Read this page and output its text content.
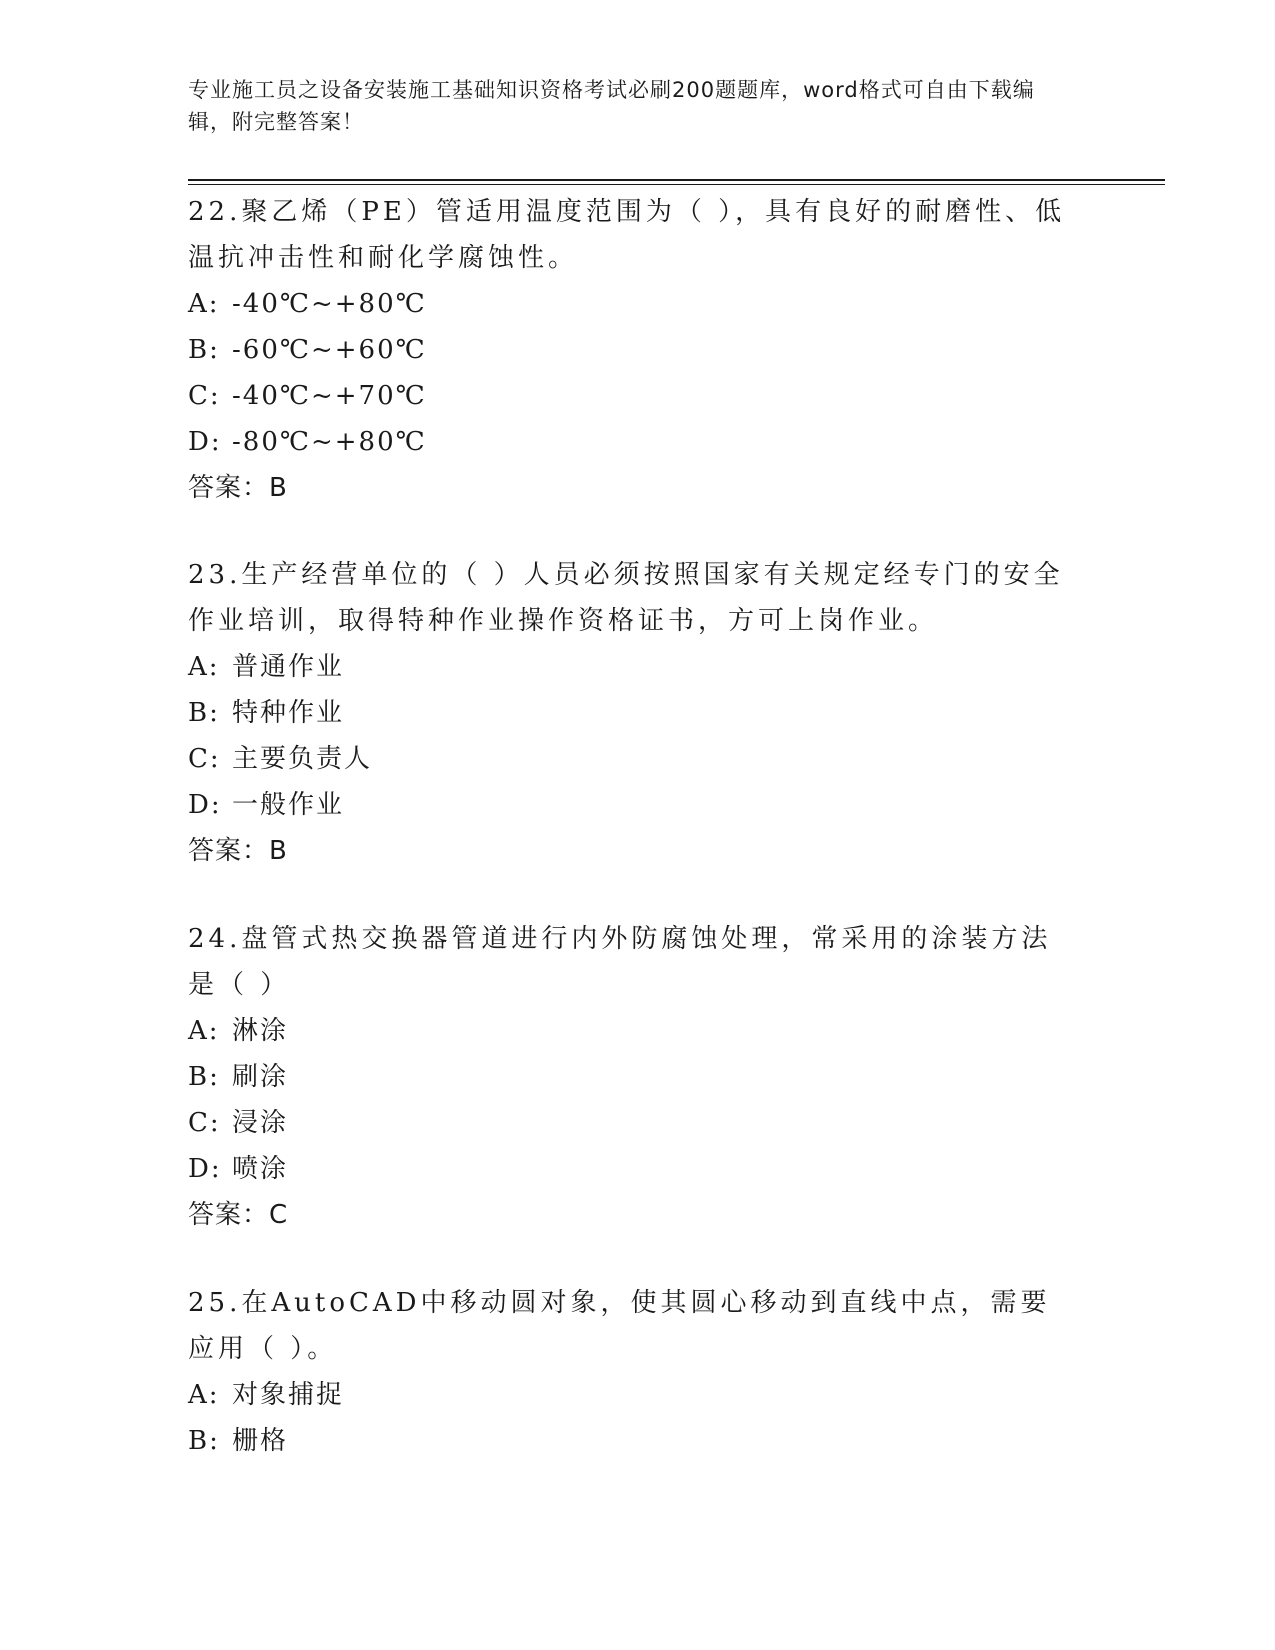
专业施工员之设备安装施工基础知识资格考试必刷200题题库，word格式可自由下载编辑，附完整答案！

22.聚乙烯（PE）管适用温度范围为（ ），具有良好的耐磨性、低温抗冲击性和耐化学腐蚀性。

A: -40℃~+80℃
B: -60℃~+60℃
C: -40℃~+70℃
D: -80℃~+80℃
答案：B

23.生产经营单位的（ ）人员必须按照国家有关规定经专门的安全作业培训，取得特种作业操作资格证书，方可上岗作业。

A: 普通作业
B: 特种作业
C: 主要负责人
D: 一般作业
答案：B

24.盘管式热交换器管道进行内外防腐蚀处理，常采用的涂装方法是（ ）

A: 淋涂
B: 刷涂
C: 浸涂
D: 喷涂
答案：C

25.在AutoCAD中移动圆对象，使其圆心移动到直线中点，需要应用（ ）。

A: 对象捕捉
B: 栅格
